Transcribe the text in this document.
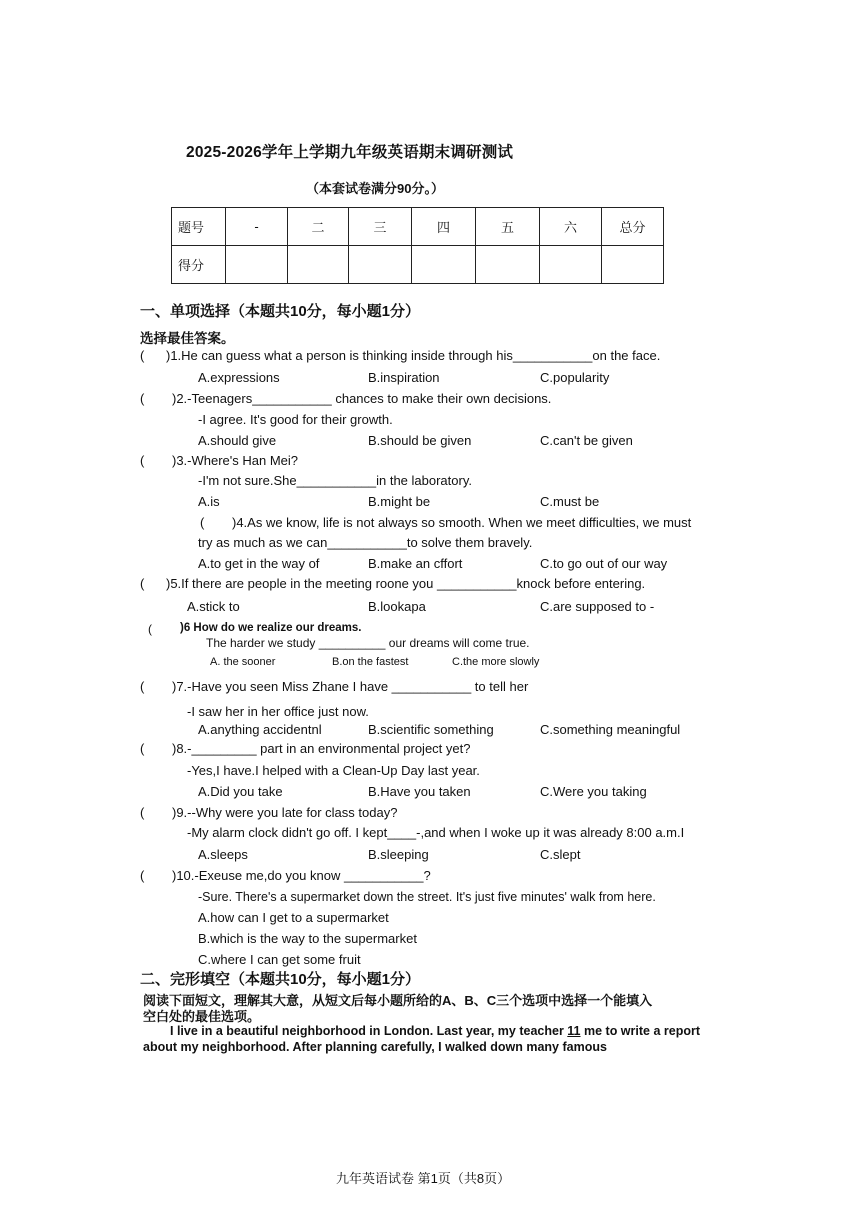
2025-2026学年上学期九年级英语期末调研测试
（本套试卷满分90分。）
题号	-	二	三	四	五	六	总分
得分							
一、单项选择（本题共10分，每小题1分）
选择最佳答案。
( )1.He can guess what a person is thinking inside through his___________on the face.
A.expressions	B.inspiration	C.popularity
( )2.-Teenagers___________ chances to make their own decisions.
-I agree. It's good for their growth.
A.should give	B.should be given	C.can't be given
( )3.-Where's Han Mei?
-I'm not sure.She___________in the laboratory.
A.is	B.might be	C.must be
( )4.As we know, life is not always so smooth. When we meet difficulties, we must
try as much as we can___________to solve them bravely.
A.to get in the way of	B.make an cffort	C.to go out of our way
( )5.If there are people in the meeting roone you ___________knock before entering.
A.stick to	B.lookapa	C.are supposed to -
( )6 How do we realize our dreams.
The harder we study __________ our dreams will come true.
A. the sooner	B.on the fastest	C.the more slowly
( )7.-Have you seen Miss Zhane I have ___________ to tell her
-I saw her in her office just now.
A.anything accidentnl	B.scientific something	C.something meaningful
( )8.-_________ part in an environmental project yet?
-Yes,I have.I helped with a Clean-Up Day last year.
A.Did you take	B.Have you taken	C.Were you taking
( )9.--Why were you late for class today?
-My alarm clock didn't go off. I kept____-,and when I woke up it was already 8:00 a.m.I
A.sleeps	B.sleeping	C.slept
( )10.-Exeuse me,do you know ___________?
-Sure. There's a supermarket down the street. It's just five minutes' walk from here.
A.how can I get to a supermarket
B.which is the way to the supermarket
C.where I can get some fruit
二、完形填空（本题共10分，每小题1分）
阅读下面短文，理解其大意，从短文后每小题所给的A、B、C三个选项中选择一个能填入
空白处的最佳选项。
I live in a beautiful neighborhood in London. Last year, my teacher 11 me to write a report
about my neighborhood. After planning carefully, I walked down many famous
九年英语试卷 第1页（共8页）
